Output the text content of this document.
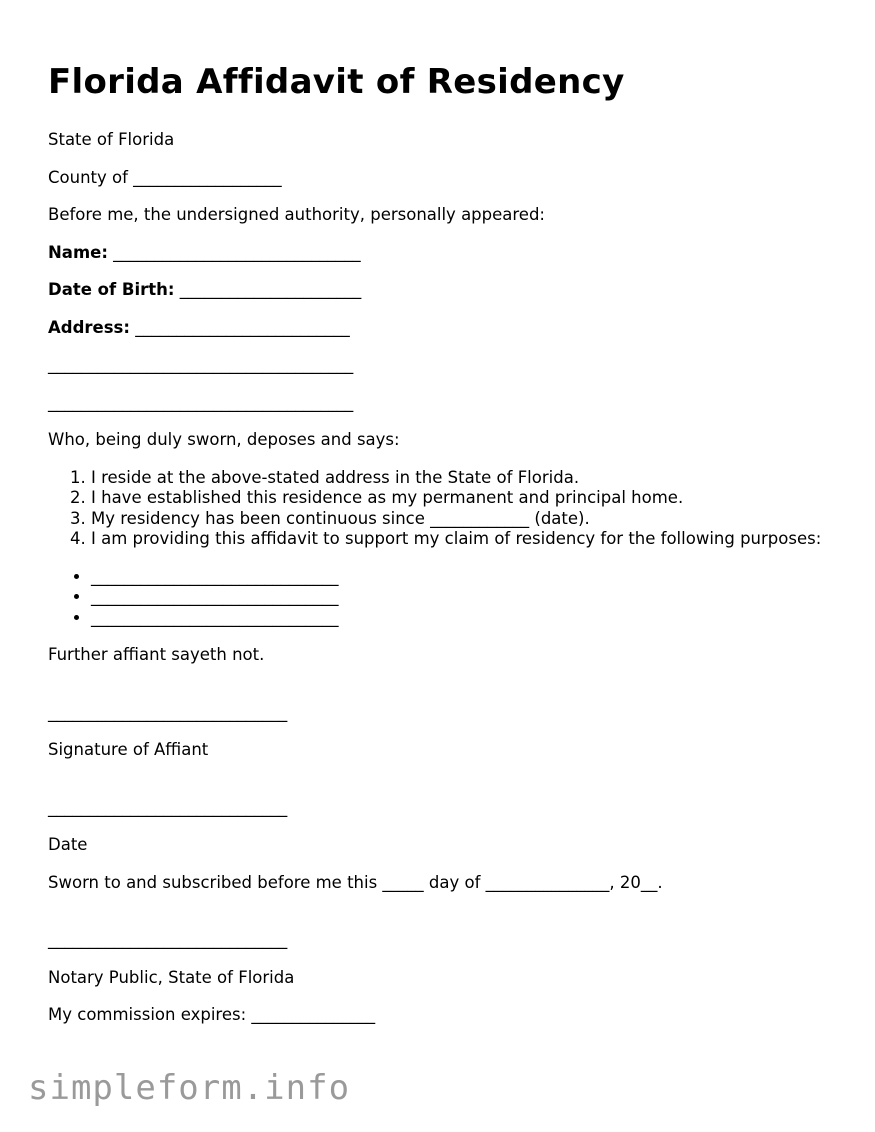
Florida Affidavit of Residency
State of Florida
County of __________________
Before me, the undersigned authority, personally appeared:
Name: ______________________________
Date of Birth: ______________________
Address: __________________________
_____________________________________
_____________________________________
Who, being duly sworn, deposes and says:
1. I reside at the above-stated address in the State of Florida.
2. I have established this residence as my permanent and principal home.
3. My residency has been continuous since ____________ (date).
4. I am providing this affidavit to support my claim of residency for the following purposes:
• ______________________________
• ______________________________
• ______________________________
Further affiant sayeth not.
_____________________________
Signature of Affiant
_____________________________
Date
Sworn to and subscribed before me this _____ day of _______________, 20__.
_____________________________
Notary Public, State of Florida
My commission expires: _______________
simpleform.info
